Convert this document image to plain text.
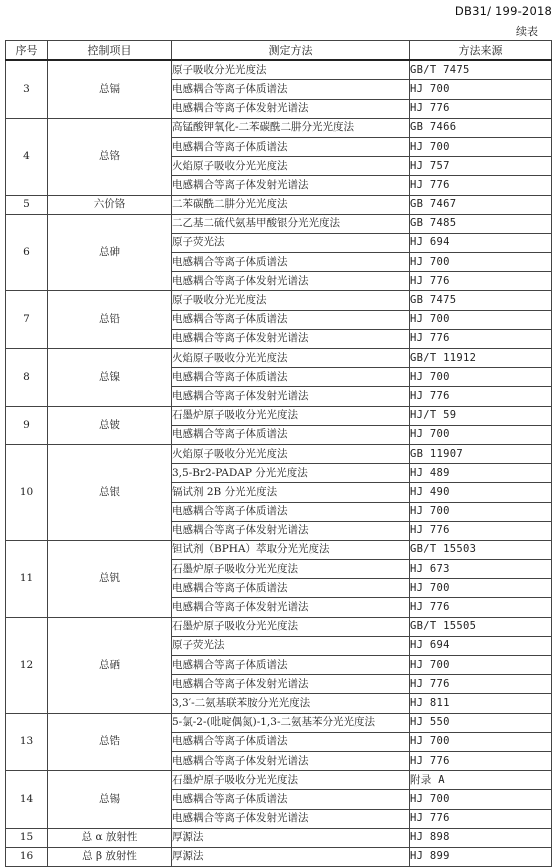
DB31/ 199-2018
续表
序号	控制项目	测定方法	方法来源
3	总镉	原子吸收分光光度法	GB/T 7475
		电感耦合等离子体质谱法	HJ 700
		电感耦合等离子体发射光谱法	HJ 776
4	总铬	高锰酸钾氧化-二苯碳酰二肼分光光度法	GB 7466
		电感耦合等离子体质谱法	HJ 700
		火焰原子吸收分光光度法	HJ 757
		电感耦合等离子体发射光谱法	HJ 776
5	六价铬	二苯碳酰二肼分光光度法	GB 7467
6	总砷	二乙基二硫代氨基甲酸银分光光度法	GB 7485
		原子荧光法	HJ 694
		电感耦合等离子体质谱法	HJ 700
		电感耦合等离子体发射光谱法	HJ 776
7	总铅	原子吸收分光光度法	GB 7475
		电感耦合等离子体质谱法	HJ 700
		电感耦合等离子体发射光谱法	HJ 776
8	总镍	火焰原子吸收分光光度法	GB/T 11912
		电感耦合等离子体质谱法	HJ 700
		电感耦合等离子体发射光谱法	HJ 776
9	总铍	石墨炉原子吸收分光光度法	HJ/T 59
		电感耦合等离子体质谱法	HJ 700
10	总银	火焰原子吸收分光光度法	GB 11907
		3,5-Br2-PADAP 分光光度法	HJ 489
		镉试剂 2B 分光光度法	HJ 490
		电感耦合等离子体质谱法	HJ 700
		电感耦合等离子体发射光谱法	HJ 776
11	总钒	钽试剂（BPHA）萃取分光光度法	GB/T 15503
		石墨炉原子吸收分光光度法	HJ 673
		电感耦合等离子体质谱法	HJ 700
		电感耦合等离子体发射光谱法	HJ 776
12	总硒	石墨炉原子吸收分光光度法	GB/T 15505
		原子荧光法	HJ 694
		电感耦合等离子体质谱法	HJ 700
		电感耦合等离子体发射光谱法	HJ 776
		3,3′-二氨基联苯胺分光光度法	HJ 811
13	总锆	5-氯-2-(吡啶偶氮)-1,3-二氨基苯分光光度法	HJ 550
		电感耦合等离子体质谱法	HJ 700
		电感耦合等离子体发射光谱法	HJ 776
14	总锡	石墨炉原子吸收分光光度法	附录 A
		电感耦合等离子体质谱法	HJ 700
		电感耦合等离子体发射光谱法	HJ 776
15	总 α 放射性	厚源法	HJ 898
16	总 β 放射性	厚源法	HJ 899
